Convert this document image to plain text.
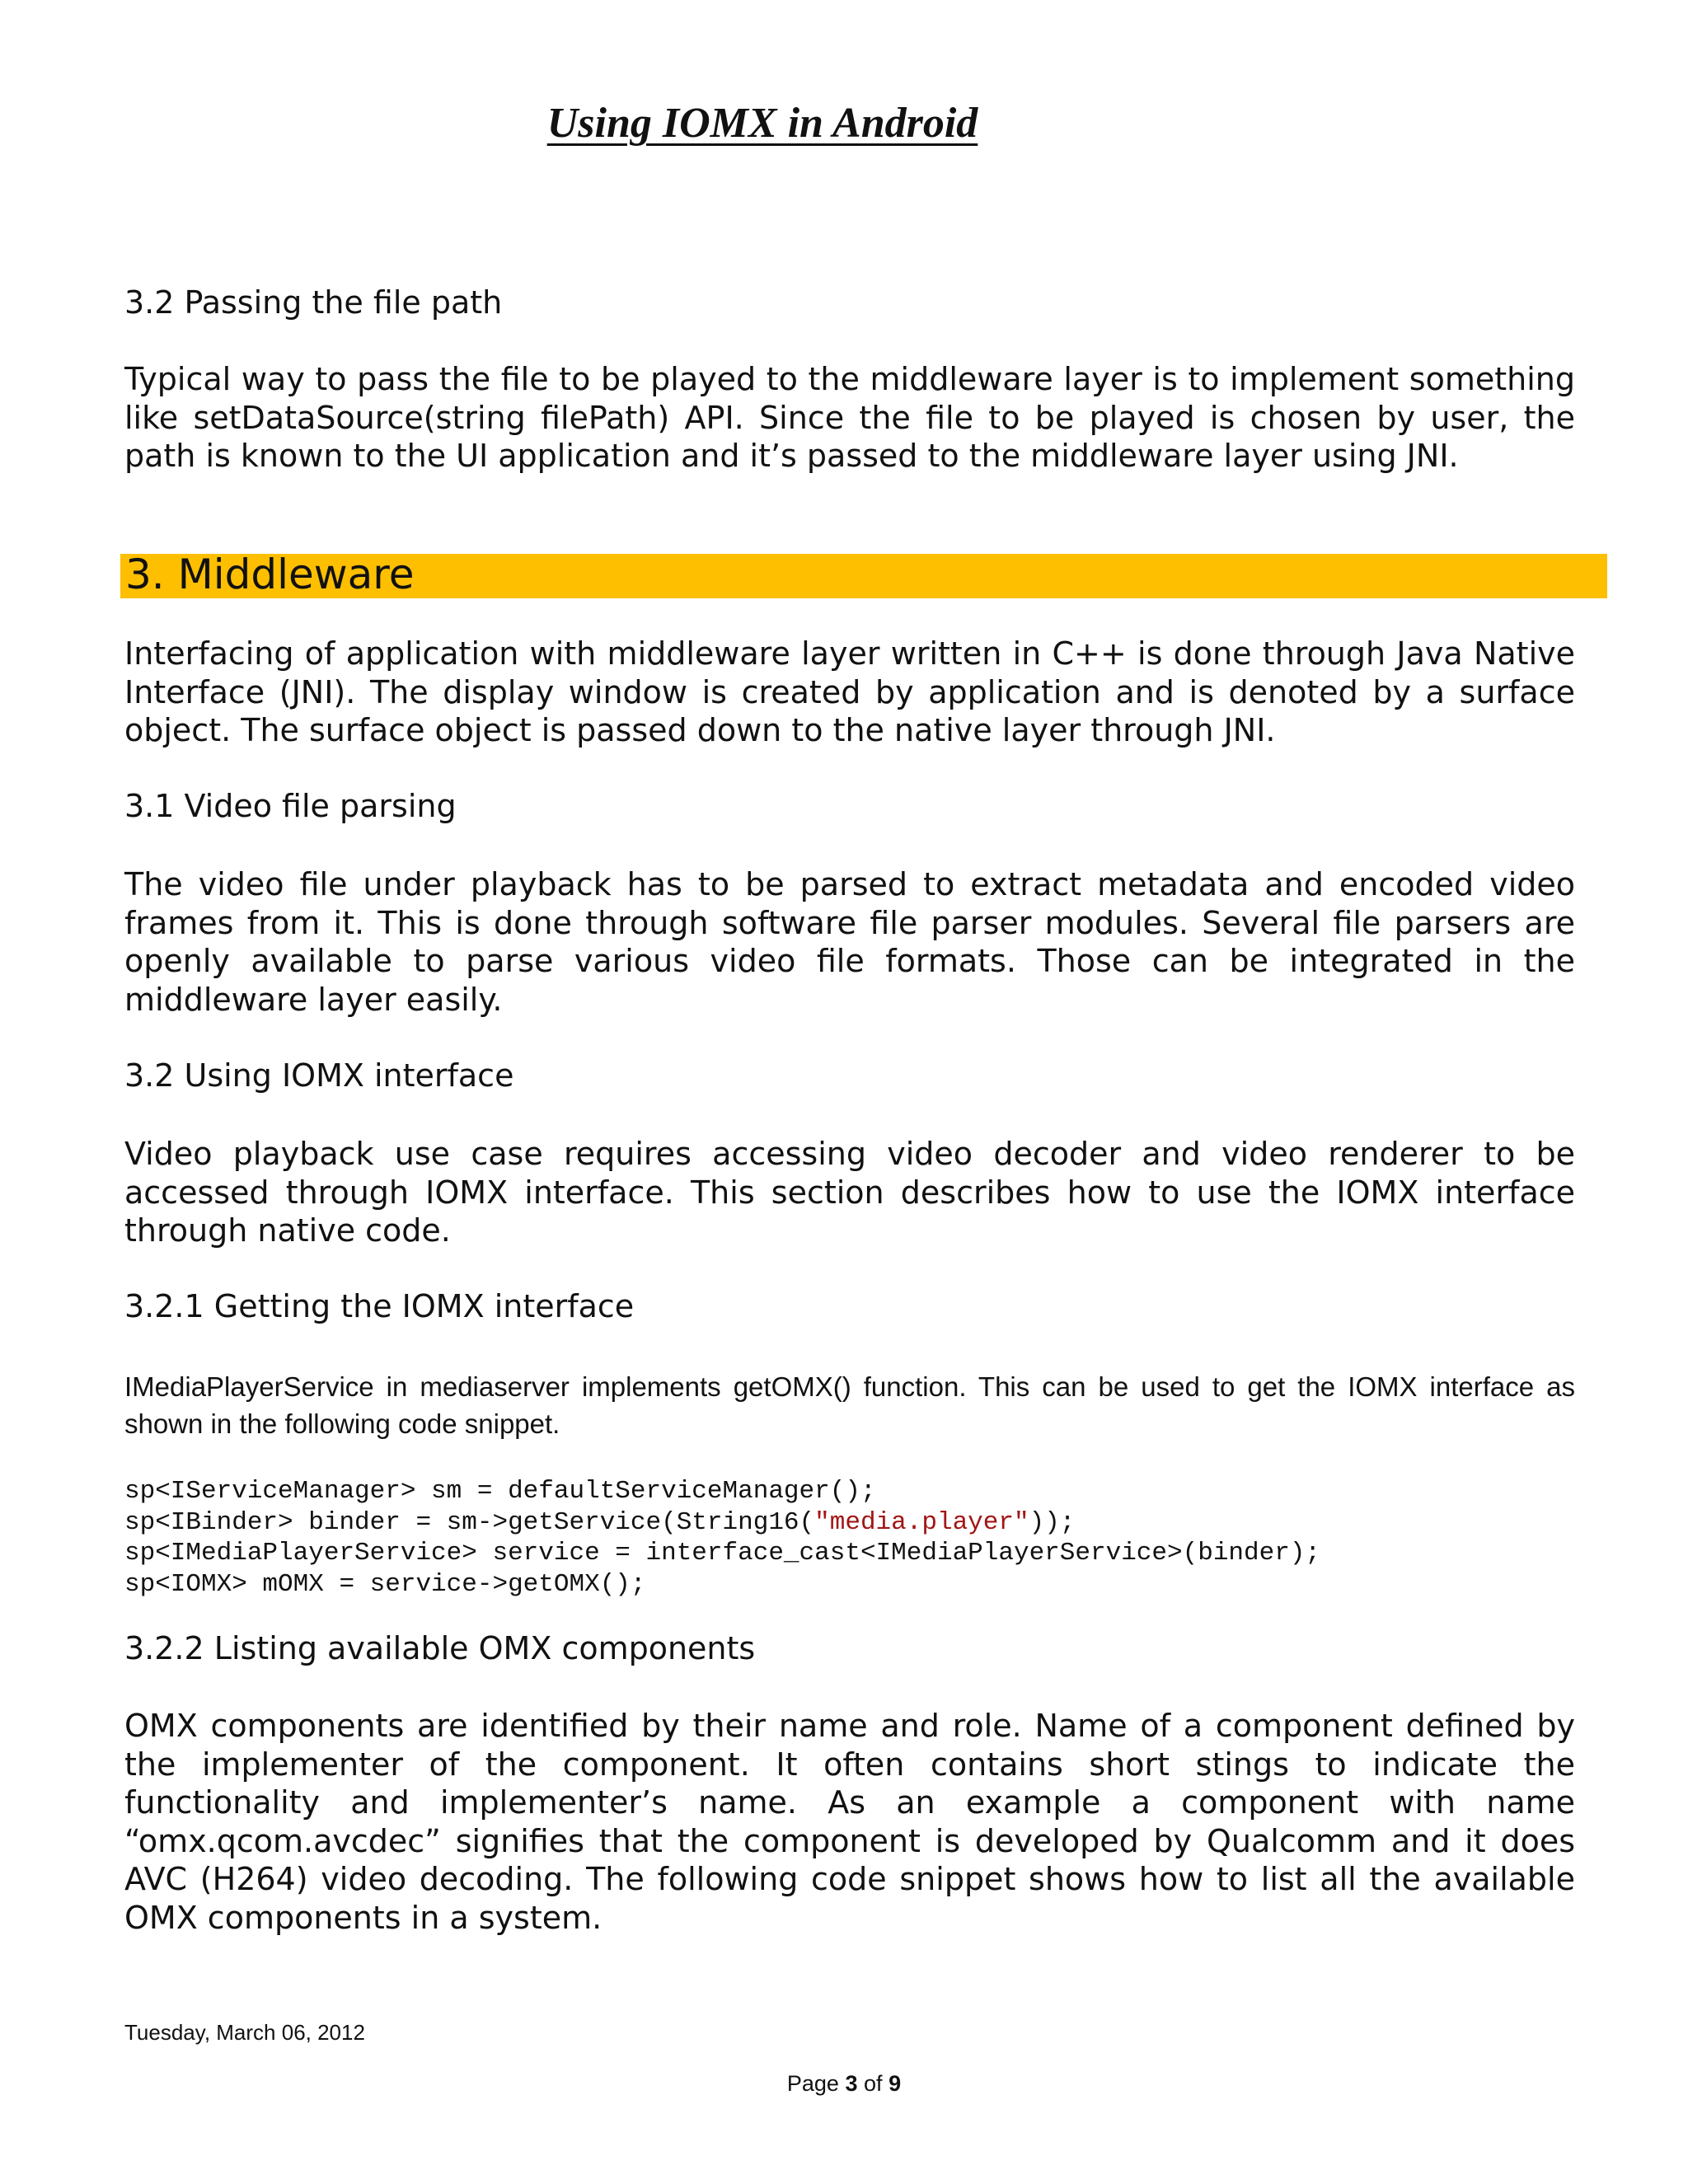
Using IOMX in Android
3.2 Passing the file path
Typical way to pass the file to be played to the middleware layer is to implement something like setDataSource(string filePath) API. Since the file to be played is chosen by user, the path is known to the UI application and it’s passed to the middleware layer using JNI.
3. Middleware
Interfacing of application with middleware layer written in C++ is done through Java Native Interface (JNI). The display window is created by application and is denoted by a surface object. The surface object is passed down to the native layer through JNI.
3.1 Video file parsing
The video file under playback has to be parsed to extract metadata and encoded video frames from it. This is done through software file parser modules. Several file parsers are openly available to parse various video file formats. Those can be integrated in the middleware layer easily.
3.2 Using IOMX interface
Video playback use case requires accessing video decoder and video renderer to be accessed through IOMX interface. This section describes how to use the IOMX interface through native code.
3.2.1 Getting the IOMX interface
IMediaPlayerService in mediaserver implements getOMX() function. This can be used to get the IOMX interface as shown in the following code snippet.
sp<IServiceManager> sm = defaultServiceManager();
sp<IBinder> binder = sm->getService(String16("media.player"));
sp<IMediaPlayerService> service = interface_cast<IMediaPlayerService>(binder);
sp<IOMX> mOMX = service->getOMX();
3.2.2 Listing available OMX components
OMX components are identified by their name and role. Name of a component defined by the implementer of the component. It often contains short stings to indicate the functionality and implementer’s name. As an example a component with name “omx.qcom.avcdec” signifies that the component is developed by Qualcomm and it does AVC (H264) video decoding. The following code snippet shows how to list all the available OMX components in a system.
Tuesday, March 06, 2012
Page 3 of 9
